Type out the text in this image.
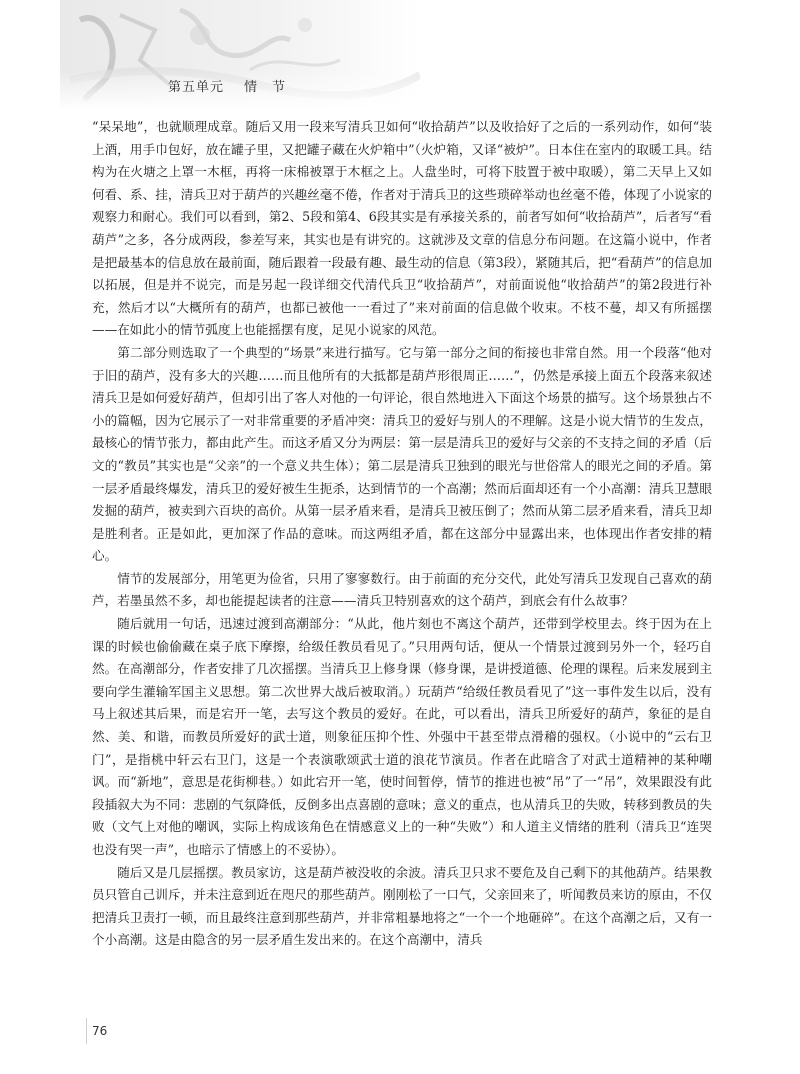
第五单元 情　节

“呆呆地”，也就顺理成章。随后又用一段来写清兵卫如何“收拾葫芦”以及收拾好了之后的一系列动作，如何“装上酒，用手巾包好，放在罐子里，又把罐子藏在火炉箱中”（火炉箱，又译“被炉”。日本住在室内的取暖工具。结构为在火塘之上罩一木框，再将一床棉被罩于木框之上。人盘坐时，可将下肢置于被中取暖），第二天早上又如何看、系、挂，清兵卫对于葫芦的兴趣丝毫不倦，作者对于清兵卫的这些琐碎举动也丝毫不倦，体现了小说家的观察力和耐心。我们可以看到，第2、5段和第4、6段其实是有承接关系的，前者写如何“收拾葫芦”，后者写“看葫芦”之多，各分成两段，参差写来，其实也是有讲究的。这就涉及文章的信息分布问题。在这篇小说中，作者是把最基本的信息放在最前面，随后跟着一段最有趣、最生动的信息（第3段），紧随其后，把“看葫芦”的信息加以拓展，但是并不说完，而是另起一段详细交代清代兵卫“收拾葫芦”，对前面说他“收拾葫芦”的第2段进行补充，然后才以“大概所有的葫芦，也都已被他一一看过了”来对前面的信息做个收束。不枝不蔓，却又有所摇摆——在如此小的情节弧度上也能摇摆有度，足见小说家的风范。

第二部分则选取了一个典型的“场景”来进行描写。它与第一部分之间的衔接也非常自然。用一个段落“他对于旧的葫芦，没有多大的兴趣……而且他所有的大抵都是葫芦形很周正……”，仍然是承接上面五个段落来叙述清兵卫是如何爱好葫芦，但却引出了客人对他的一句评论，很自然地进入下面这个场景的描写。这个场景独占不小的篇幅，因为它展示了一对非常重要的矛盾冲突：清兵卫的爱好与别人的不理解。这是小说大情节的生发点，最核心的情节张力，都由此产生。而这矛盾又分为两层：第一层是清兵卫的爱好与父亲的不支持之间的矛盾（后文的“教员”其实也是“父亲”的一个意义共生体）；第二层是清兵卫独到的眼光与世俗常人的眼光之间的矛盾。第一层矛盾最终爆发，清兵卫的爱好被生生扼杀，达到情节的一个高潮；然而后面却还有一个小高潮：清兵卫慧眼发掘的葫芦，被卖到六百块的高价。从第一层矛盾来看，是清兵卫被压倒了；然而从第二层矛盾来看，清兵卫却是胜利者。正是如此，更加深了作品的意味。而这两组矛盾，都在这部分中显露出来，也体现出作者安排的精心。

情节的发展部分，用笔更为俭省，只用了寥寥数行。由于前面的充分交代，此处写清兵卫发现自己喜欢的葫芦，若墨虽然不多，却也能提起读者的注意——清兵卫特别喜欢的这个葫芦，到底会有什么故事？

随后就用一句话，迅速过渡到高潮部分：“从此，他片刻也不离这个葫芦，还带到学校里去。终于因为在上课的时候也偷偷藏在桌子底下摩擦，给级任教员看见了。”只用两句话，便从一个情景过渡到另外一个，轻巧自然。在高潮部分，作者安排了几次摇摆。当清兵卫上修身课（修身课，是讲授道德、伦理的课程。后来发展到主要向学生灌输军国主义思想。第二次世界大战后被取消。）玩葫芦“给级任教员看见了”这一事件发生以后，没有马上叙述其后果，而是宕开一笔，去写这个教员的爱好。在此，可以看出，清兵卫所爱好的葫芦，象征的是自然、美、和谐，而教员所爱好的武士道，则象征压抑个性、外强中干甚至带点滑稽的强权。（小说中的“云右卫门”，是指桃中轩云右卫门，这是一个表演歌颂武士道的浪花节演员。作者在此暗含了对武士道精神的某种嘲讽。而“新地”，意思是花街柳巷。）如此宕开一笔，使时间暂停，情节的推进也被“吊”了一“吊”，效果跟没有此段插叙大为不同：悲剧的气氛降低，反倒多出点喜剧的意味；意义的重点，也从清兵卫的失败，转移到教员的失败（文气上对他的嘲讽，实际上构成该角色在情感意义上的一种“失败”）和人道主义情绪的胜利（清兵卫“连哭也没有哭一声”，也暗示了情感上的不妥协）。

随后又是几层摇摆。教员家访，这是葫芦被没收的余波。清兵卫只求不要危及自己剩下的其他葫芦。结果教员只管自己训斥，并未注意到近在咫尺的那些葫芦。刚刚松了一口气，父亲回来了，听闻教员来访的原由，不仅把清兵卫责打一顿，而且最终注意到那些葫芦，并非常粗暴地将之“一个一个地砸碎”。在这个高潮之后，又有一个小高潮。这是由隐含的另一层矛盾生发出来的。在这个高潮中，清兵

76
